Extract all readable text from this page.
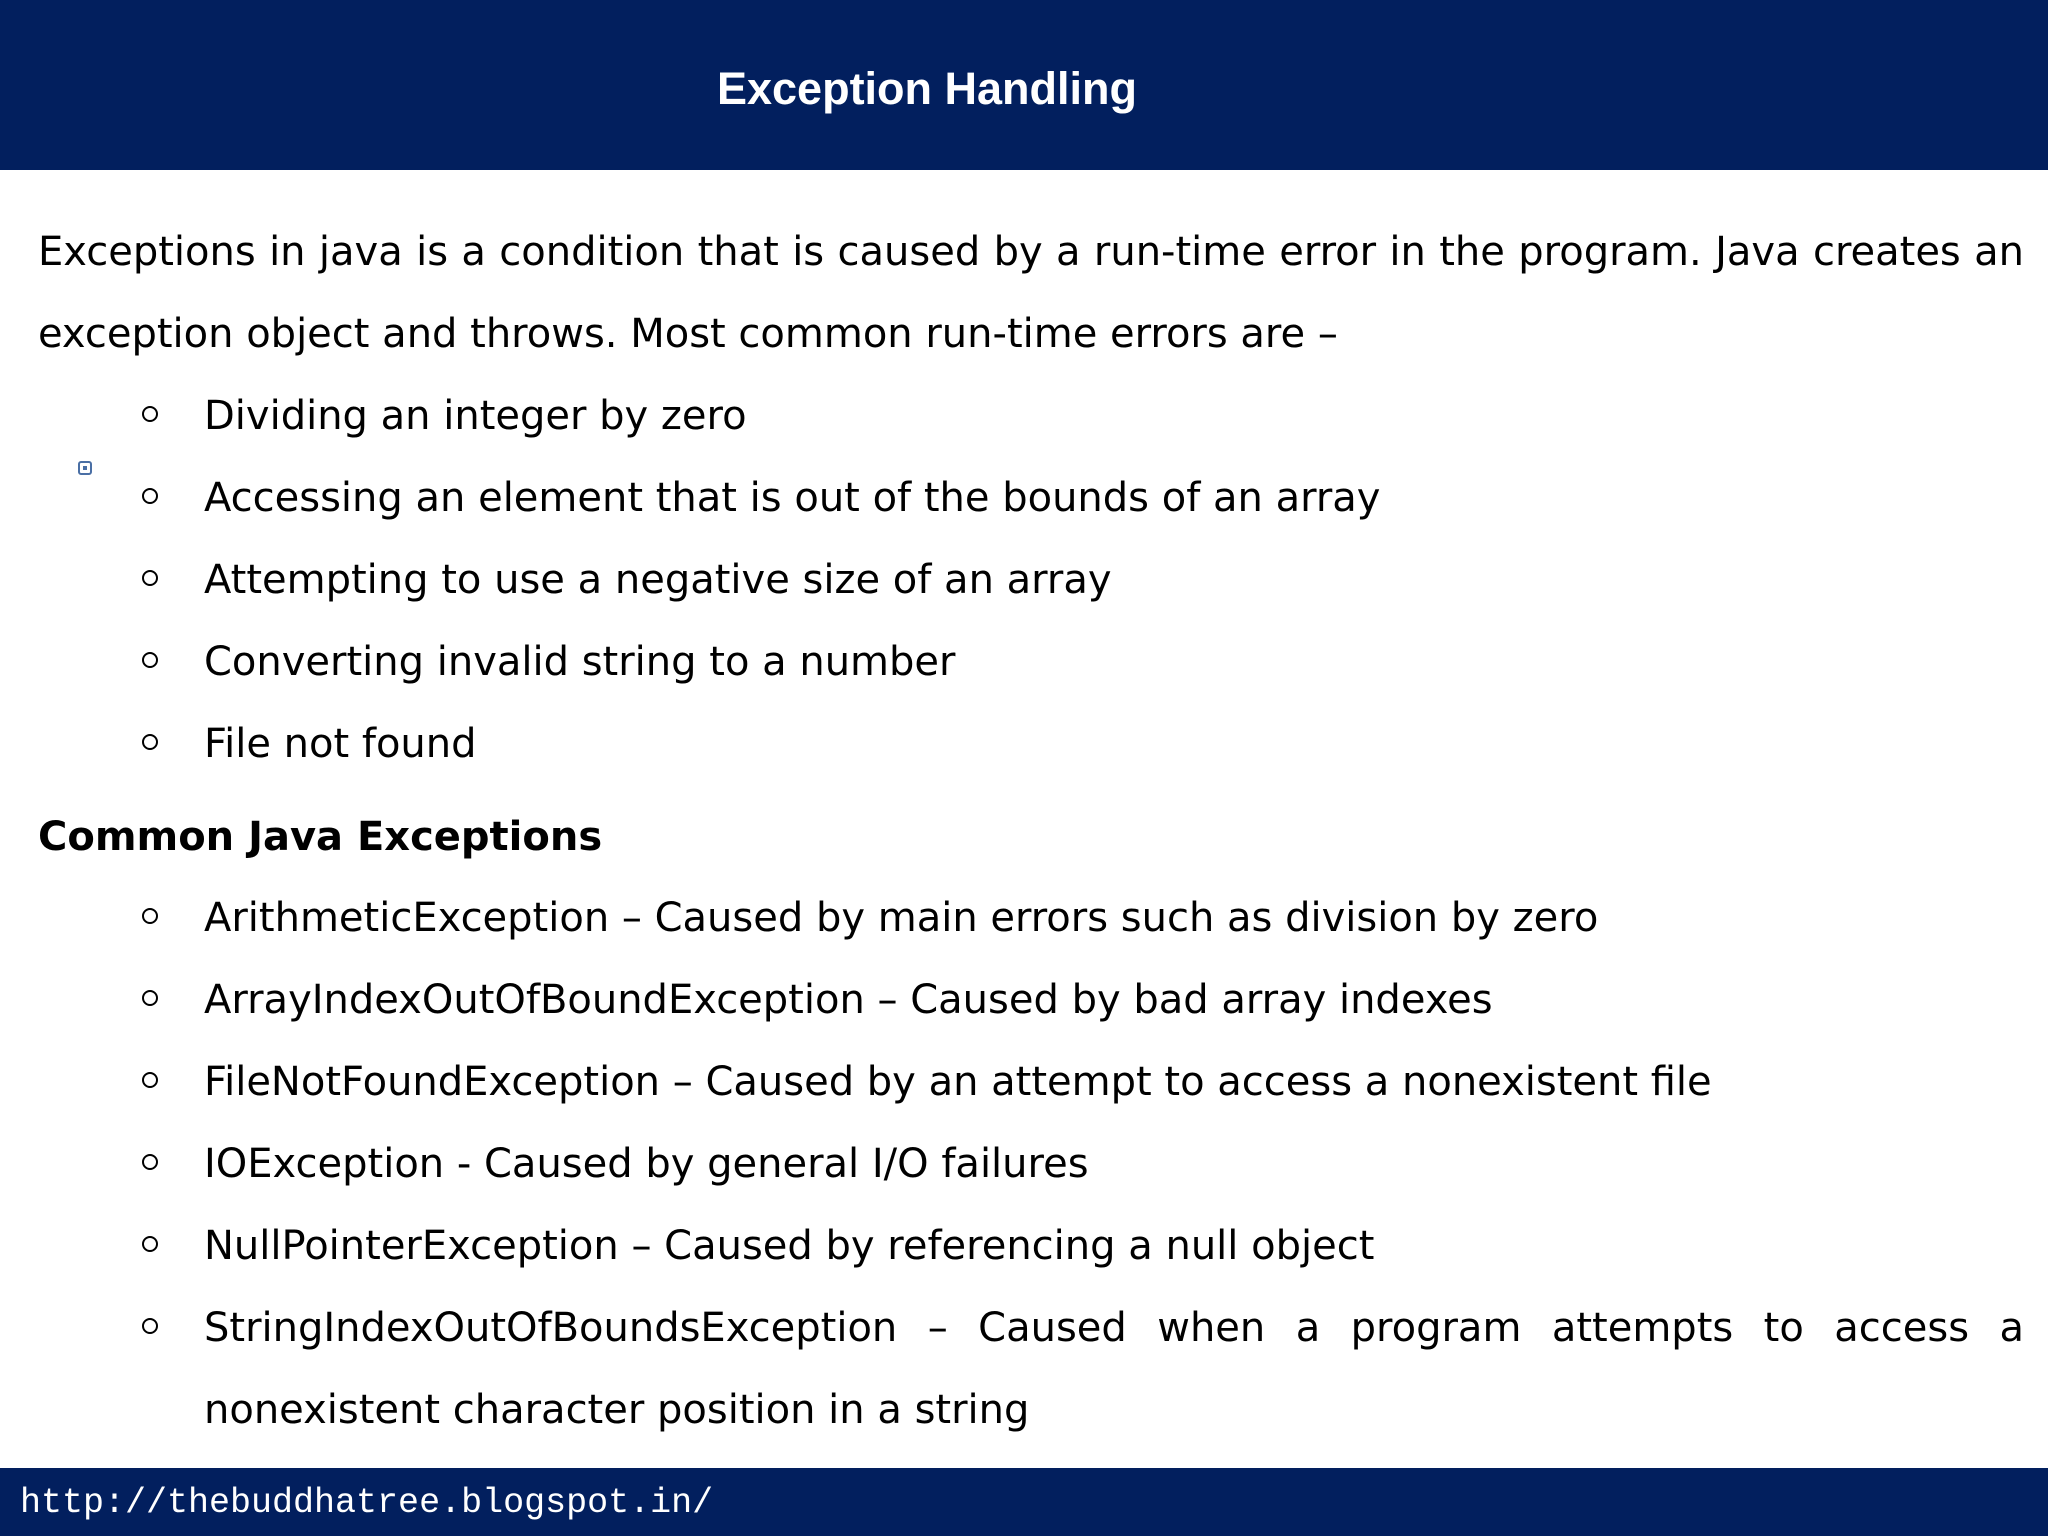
Exception Handling

Exceptions in java is a condition that is caused by a run-time error in the program. Java creates an exception object and throws. Most common run-time errors are –

Dividing an integer by zero
Accessing an element that is out of the bounds of an array
Attempting to use a negative size of an array
Converting invalid string to a number
File not found
Common Java Exceptions
ArithmeticException – Caused by main errors such as division by zero
ArrayIndexOutOfBoundException – Caused by bad array indexes
FileNotFoundException – Caused by an attempt to access a nonexistent file
IOException - Caused by general I/O failures
NullPointerException – Caused by referencing a null object
StringIndexOutOfBoundsException – Caused when a program attempts to access a nonexistent character position in a string
http://thebuddhatree.blogspot.in/
